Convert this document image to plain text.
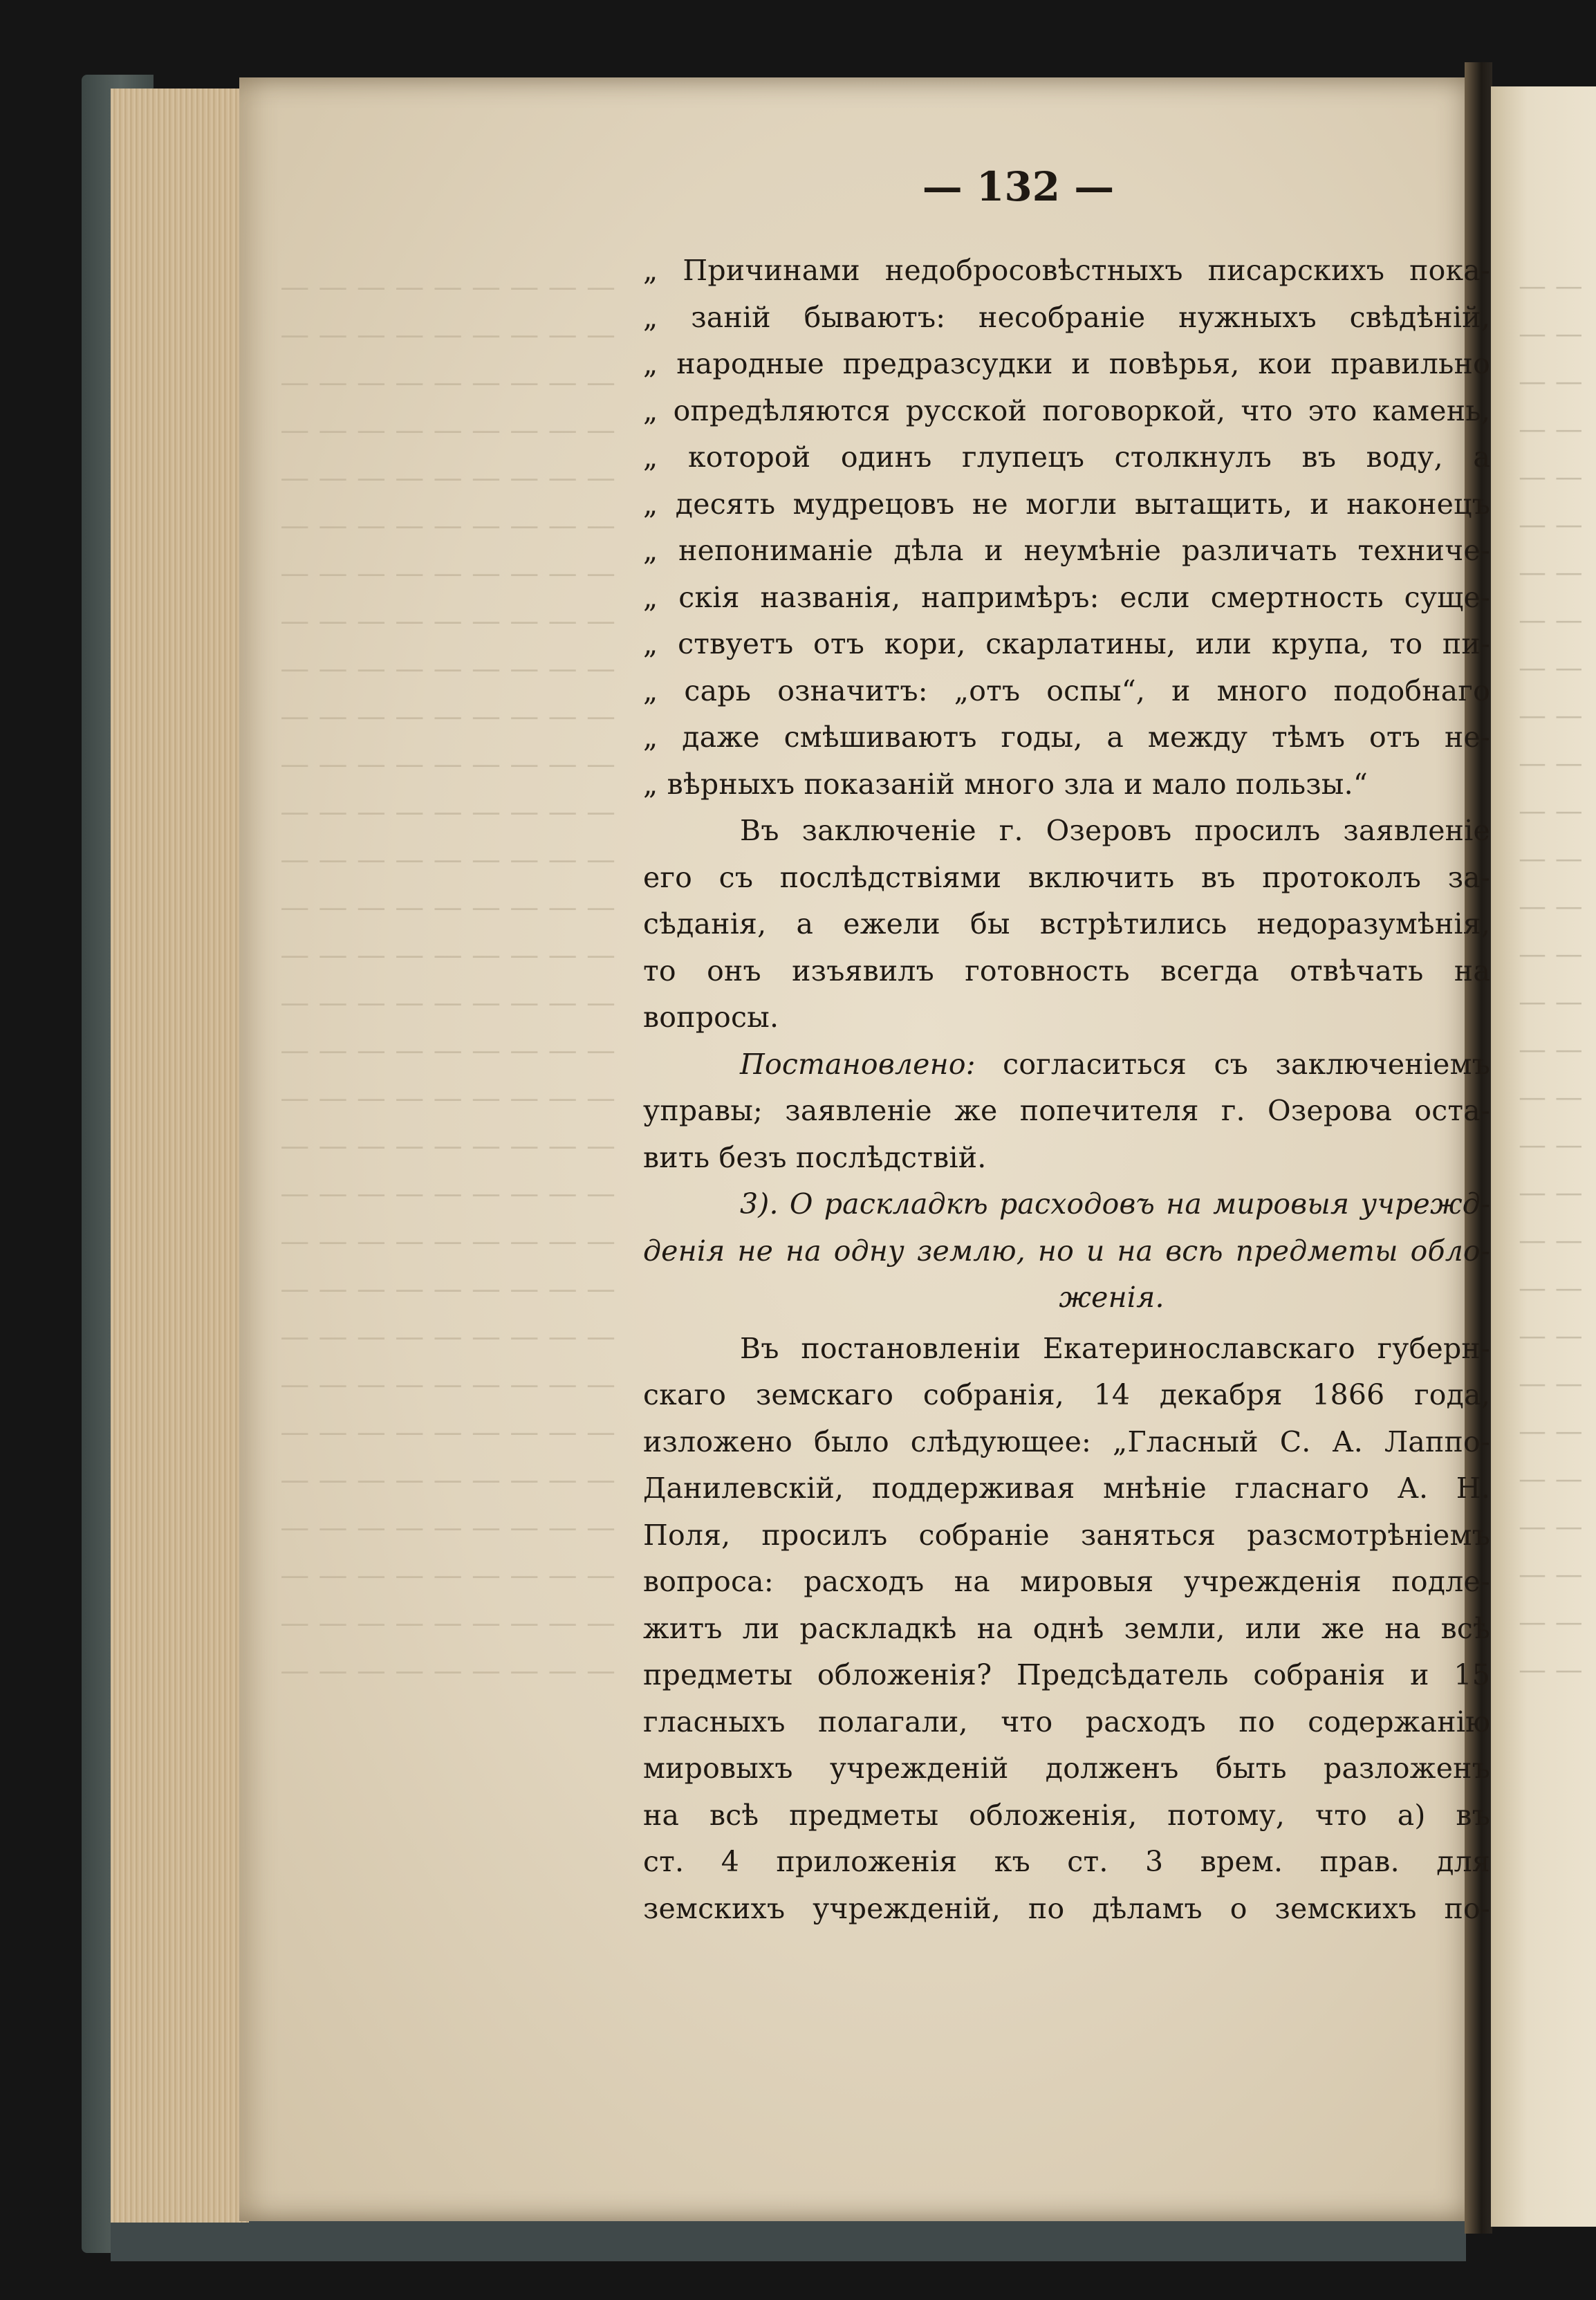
— — — — — — — — —
— — — — — — — — —
— — — — — — — — —
— — — — — — — — —
— — — — — — — — —
— — — — — — — — —
— — — — — — — — —
— — — — — — — — —
— — — — — — — — —
— — — — — — — — —
— — — — — — — — —
— — — — — — — — —
— — — — — — — — —
— — — — — — — — —
— — — — — — — — —
— — — — — — — — —
— — — — — — — — —
— — — — — — — — —
— — — — — — — — —
— — — — — — — — —
— — — — — — — — —
— — — — — — — — —
— — — — — — — — —
— — — — — — — — —
— — — — — — — — —
— — — — — — — — —
— — — — — — — — —
— — — — — — — — —
— — — — — — — — —
— — — — — — — — —
— —
— —
— —
— —
— —
— —
— —
— —
— —
— —
— —
— —
— —
— —
— —
— —
— —
— —
— —
— —
— —
— —
— —
— —
— —
— —
— —
— —
— —
— —
— 132 —
„ Причинами недобросовѣстныхъ писарскихъ пока-
„ заній бываютъ: несобраніе нужныхъ свѣдѣній,
„ народные предразсудки и повѣрья, кои правильно
„ опредѣляются русской поговоркой, что это камень,
„ которой одинъ глупецъ столкнулъ въ воду, а
„ десять мудрецовъ не могли вытащить, и наконецъ
„ непониманіе дѣла и неумѣніе различать техниче-
„ скія названія, напримѣръ: если смертность суще-
„ ствуетъ отъ кори, скарлатины, или крупа, то пи-
„ сарь означитъ: „отъ оспы“, и много подобнаго
„ даже смѣшиваютъ годы, а между тѣмъ отъ не-
„ вѣрныхъ показаній много зла и мало пользы.“
Въ заключеніе г. Озеровъ просилъ заявленіе
его съ послѣдствіями включить въ протоколъ за-
сѣданія, а ежели бы встрѣтились недоразумѣнія,
то онъ изъявилъ готовность всегда отвѣчать на
вопросы.
Постановлено: согласиться съ заключеніемъ
управы; заявленіе же попечителя г. Озерова оста-
вить безъ послѣдствій.
3). О раскладкѣ расходовъ на мировыя учрежд-
денія не на одну землю, но и на всѣ предметы обло-
женія.
Въ постановленіи Екатеринославскаго губерн-
скаго земскаго собранія, 14 декабря 1866 года,
изложено было слѣдующее: „Гласный С. А. Лаппо-
Данилевскій, поддерживая мнѣніе гласнаго А. Н.
Поля, просилъ собраніе заняться разсмотрѣніемъ
вопроса: расходъ на мировыя учрежденія подле-
житъ ли раскладкѣ на однѣ земли, или же на всѣ
предметы обложенія? Предсѣдатель собранія и 15
гласныхъ полагали, что расходъ по содержанію
мировыхъ учрежденій долженъ быть разложенъ
на всѣ предметы обложенія, потому, что а) въ
ст. 4 приложенія къ ст. 3 врем. прав. для
земскихъ учрежденій, по дѣламъ о земскихъ по-
